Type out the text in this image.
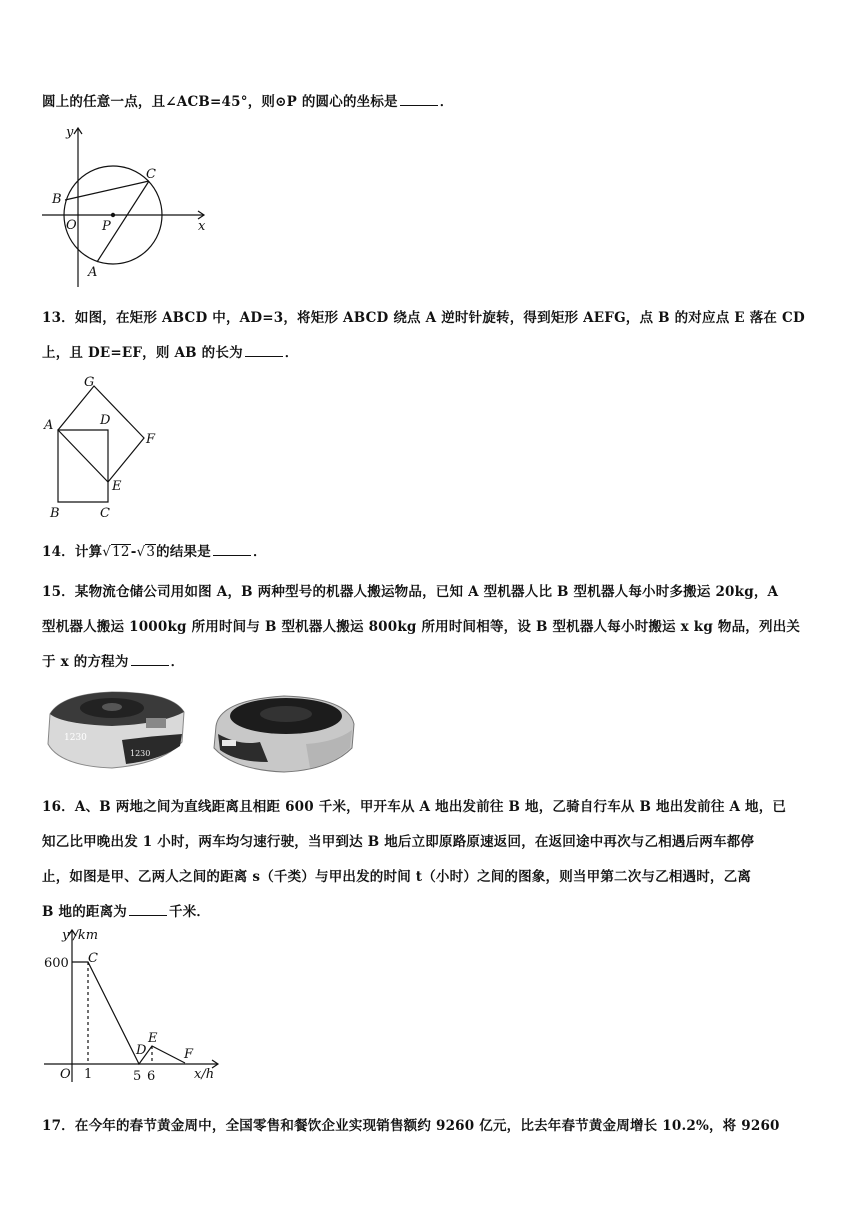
圆上的任意一点，且∠ACB=45°，则⊙P 的圆心的坐标是	．
y
x
O P
B
C
A
13．如图，在矩形 ABCD 中，AD=3，将矩形 ABCD 绕点 A 逆时针旋转，得到矩形 AEFG，点 B 的对应点 E 落在 CD
上，且 DE=EF，则 AB 的长为	．
G
A	D
F
E
B	C
14．计算√12-√3的结果是	．
15．某物流仓储公司用如图 A，B 两种型号的机器人搬运物品，已知 A 型机器人比 B 型机器人每小时多搬运 20kg，A
型机器人搬运 1000kg 所用时间与 B 型机器人搬运 800kg 所用时间相等，设 B 型机器人每小时搬运 x kg 物品，列出关
于 x 的方程为	．
1230
1230
16．A、B 两地之间为直线距离且相距 600 千米，甲开车从 A 地出发前往 B 地，乙骑自行车从 B 地出发前往 A 地，已
知乙比甲晚出发 1 小时，两车均匀速行驶，当甲到达 B 地后立即原路原速返回，在返回途中再次与乙相遇后两车都停
止，如图是甲、乙两人之间的距离 s（千类）与甲出发的时间 t（小时）之间的图象，则当甲第二次与乙相遇时，乙离
B 地的距离为	千米．
y /km
x/h
600
O 1	5 6
C
D
E
F
17．在今年的春节黄金周中，全国零售和餐饮企业实现销售额约 9260 亿元，比去年春节黄金周增长 10.2%，将 9260
